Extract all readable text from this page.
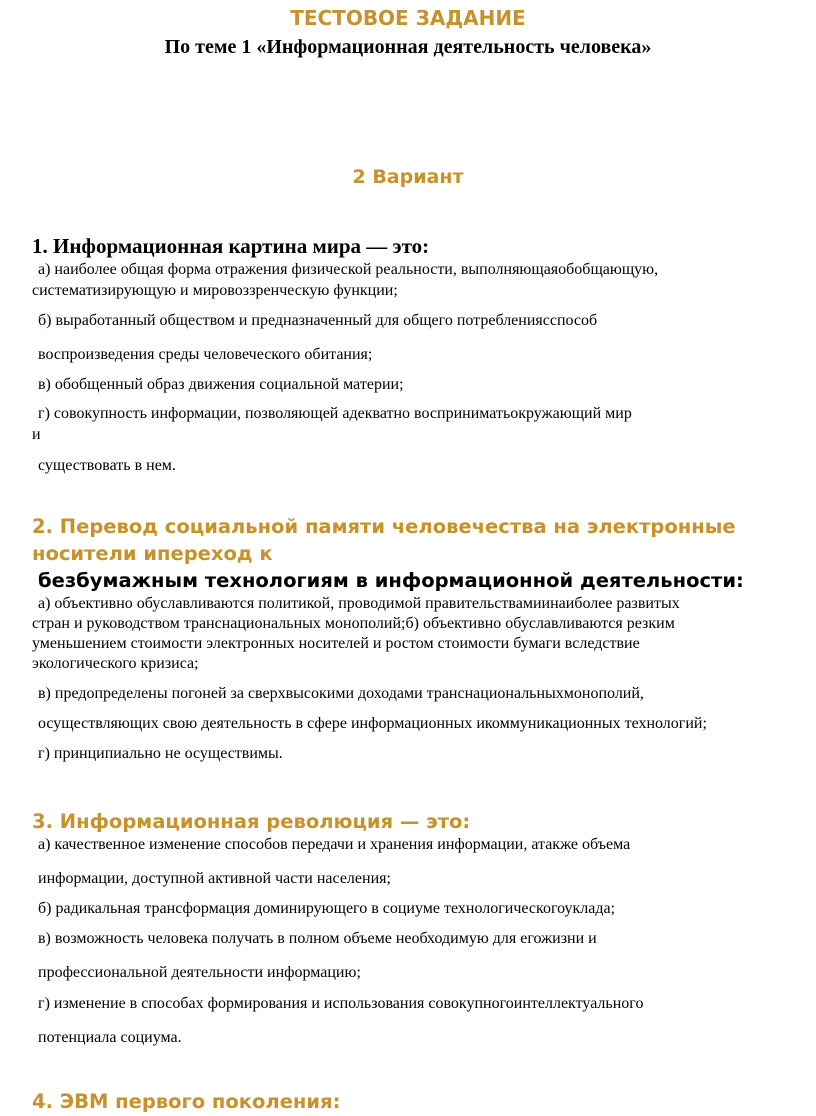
ТЕСТОВОЕ ЗАДАНИЕ
По теме 1 «Информационная деятельность человека»
2 Вариант
1. Информационная картина мира — это:
а) наиболее общая форма отражения физической реальности, выполняющаяобобщающую,
систематизирующую и мировоззренческую функции;
б) выработанный обществом и предназначенный для общего потреблениясспособ
воспроизведения среды человеческого обитания;
в) обобщенный образ движения социальной материи;
г) совокупность информации, позволяющей адекватно восприниматьокружающий мир
и
существовать в нем.
2. Перевод социальной памяти человечества на электронные
носители ипереход к
безбумажным технологиям в информационной деятельности:
а) объективно обуславливаются политикой, проводимой правительствамиинаиболее развитых
стран и руководством транснациональных монополий;б) объективно обуславливаются резким
уменьшением стоимости электронных носителей и ростом стоимости бумаги вследствие
экологического кризиса;
в) предопределены погоней за сверхвысокими доходами транснациональныхмонополий,
осуществляющих свою деятельность в сфере информационных икоммуникационных технологий;
г) принципиально не осуществимы.
3. Информационная революция — это:
а) качественное изменение способов передачи и хранения информации, атакже объема
информации, доступной активной части населения;
б) радикальная трансформация доминирующего в социуме технологическогоуклада;
в) возможность человека получать в полном объеме необходимую для егожизни и
профессиональной деятельности информацию;
г) изменение в способах формирования и использования совокупногоинтеллектуального
потенциала социума.
4. ЭВМ первого поколения:
